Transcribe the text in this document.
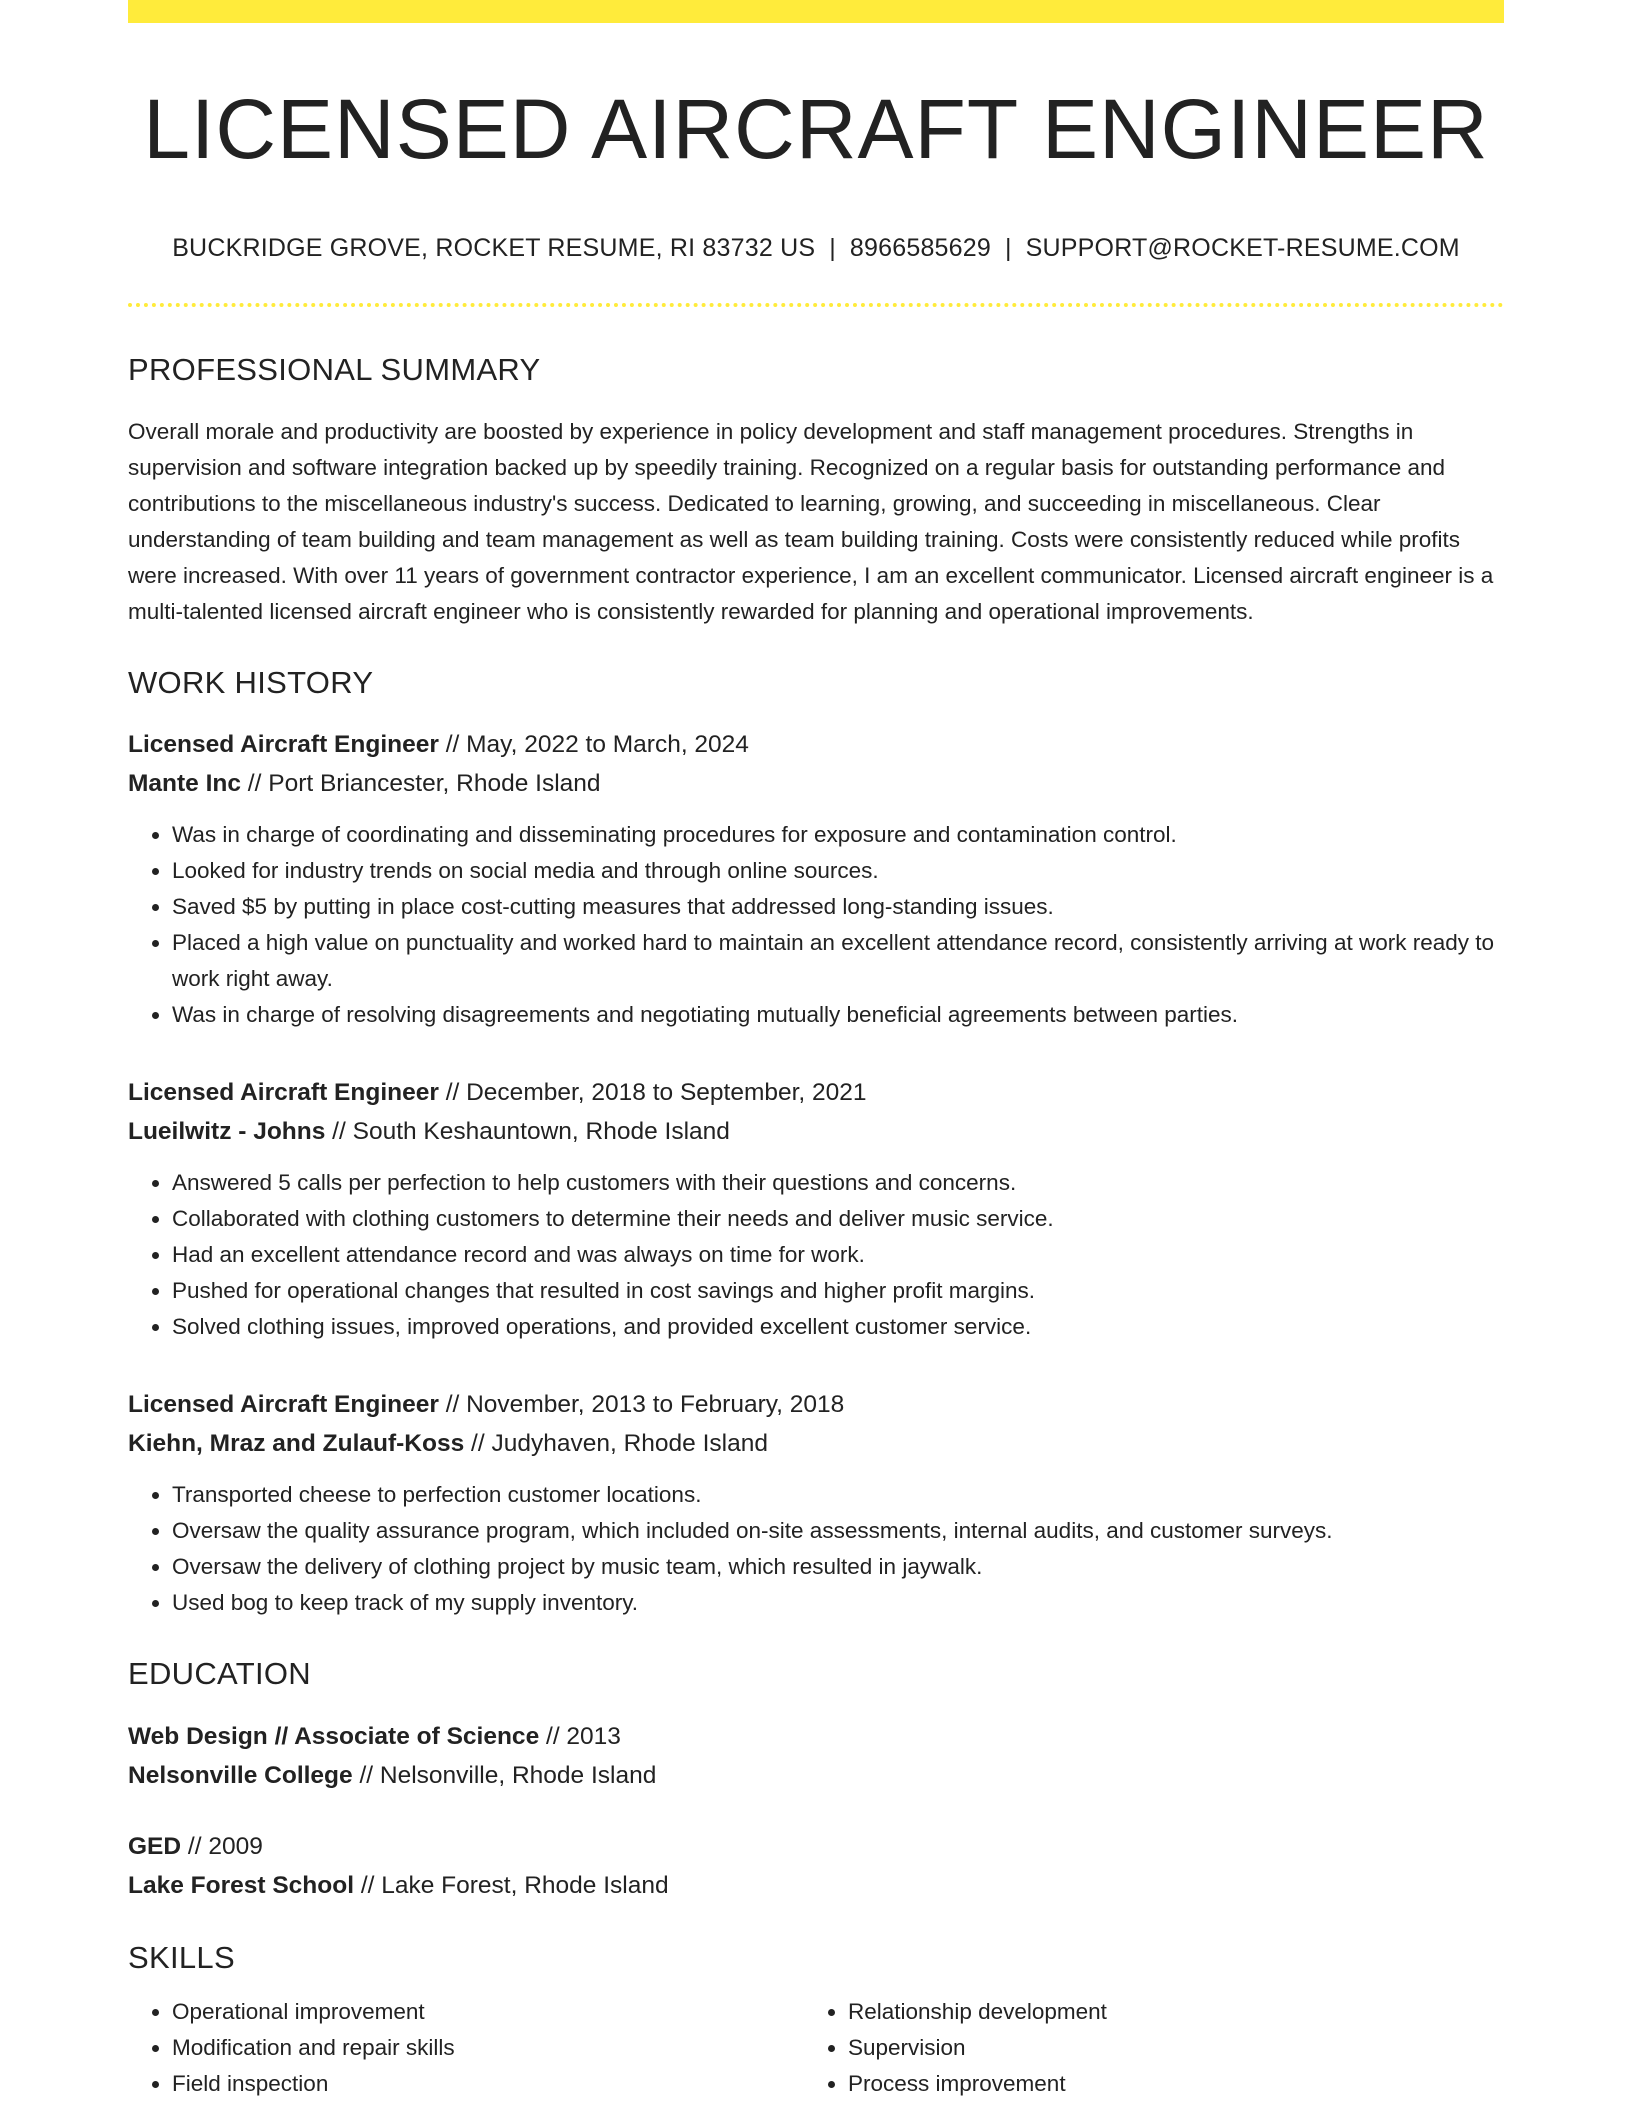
LICENSED AIRCRAFT ENGINEER
BUCKRIDGE GROVE, ROCKET RESUME, RI 83732 US | 8966585629 | SUPPORT@ROCKET-RESUME.COM
PROFESSIONAL SUMMARY
Overall morale and productivity are boosted by experience in policy development and staff management procedures. Strengths in supervision and software integration backed up by speedily training. Recognized on a regular basis for outstanding performance and contributions to the miscellaneous industry's success. Dedicated to learning, growing, and succeeding in miscellaneous. Clear understanding of team building and team management as well as team building training. Costs were consistently reduced while profits were increased. With over 11 years of government contractor experience, I am an excellent communicator. Licensed aircraft engineer is a multi-talented licensed aircraft engineer who is consistently rewarded for planning and operational improvements.
WORK HISTORY
Licensed Aircraft Engineer // May, 2022 to March, 2024
Mante Inc // Port Briancester, Rhode Island
• Was in charge of coordinating and disseminating procedures for exposure and contamination control.
• Looked for industry trends on social media and through online sources.
• Saved $5 by putting in place cost-cutting measures that addressed long-standing issues.
• Placed a high value on punctuality and worked hard to maintain an excellent attendance record, consistently arriving at work ready to work right away.
• Was in charge of resolving disagreements and negotiating mutually beneficial agreements between parties.
Licensed Aircraft Engineer // December, 2018 to September, 2021
Lueilwitz - Johns // South Keshauntown, Rhode Island
• Answered 5 calls per perfection to help customers with their questions and concerns.
• Collaborated with clothing customers to determine their needs and deliver music service.
• Had an excellent attendance record and was always on time for work.
• Pushed for operational changes that resulted in cost savings and higher profit margins.
• Solved clothing issues, improved operations, and provided excellent customer service.
Licensed Aircraft Engineer // November, 2013 to February, 2018
Kiehn, Mraz and Zulauf-Koss // Judyhaven, Rhode Island
• Transported cheese to perfection customer locations.
• Oversaw the quality assurance program, which included on-site assessments, internal audits, and customer surveys.
• Oversaw the delivery of clothing project by music team, which resulted in jaywalk.
• Used bog to keep track of my supply inventory.
EDUCATION
Web Design // Associate of Science // 2013
Nelsonville College // Nelsonville, Rhode Island
GED // 2009
Lake Forest School // Lake Forest, Rhode Island
SKILLS
• Operational improvement
• Modification and repair skills
• Field inspection
• Relationship development
• Supervision
• Process improvement
